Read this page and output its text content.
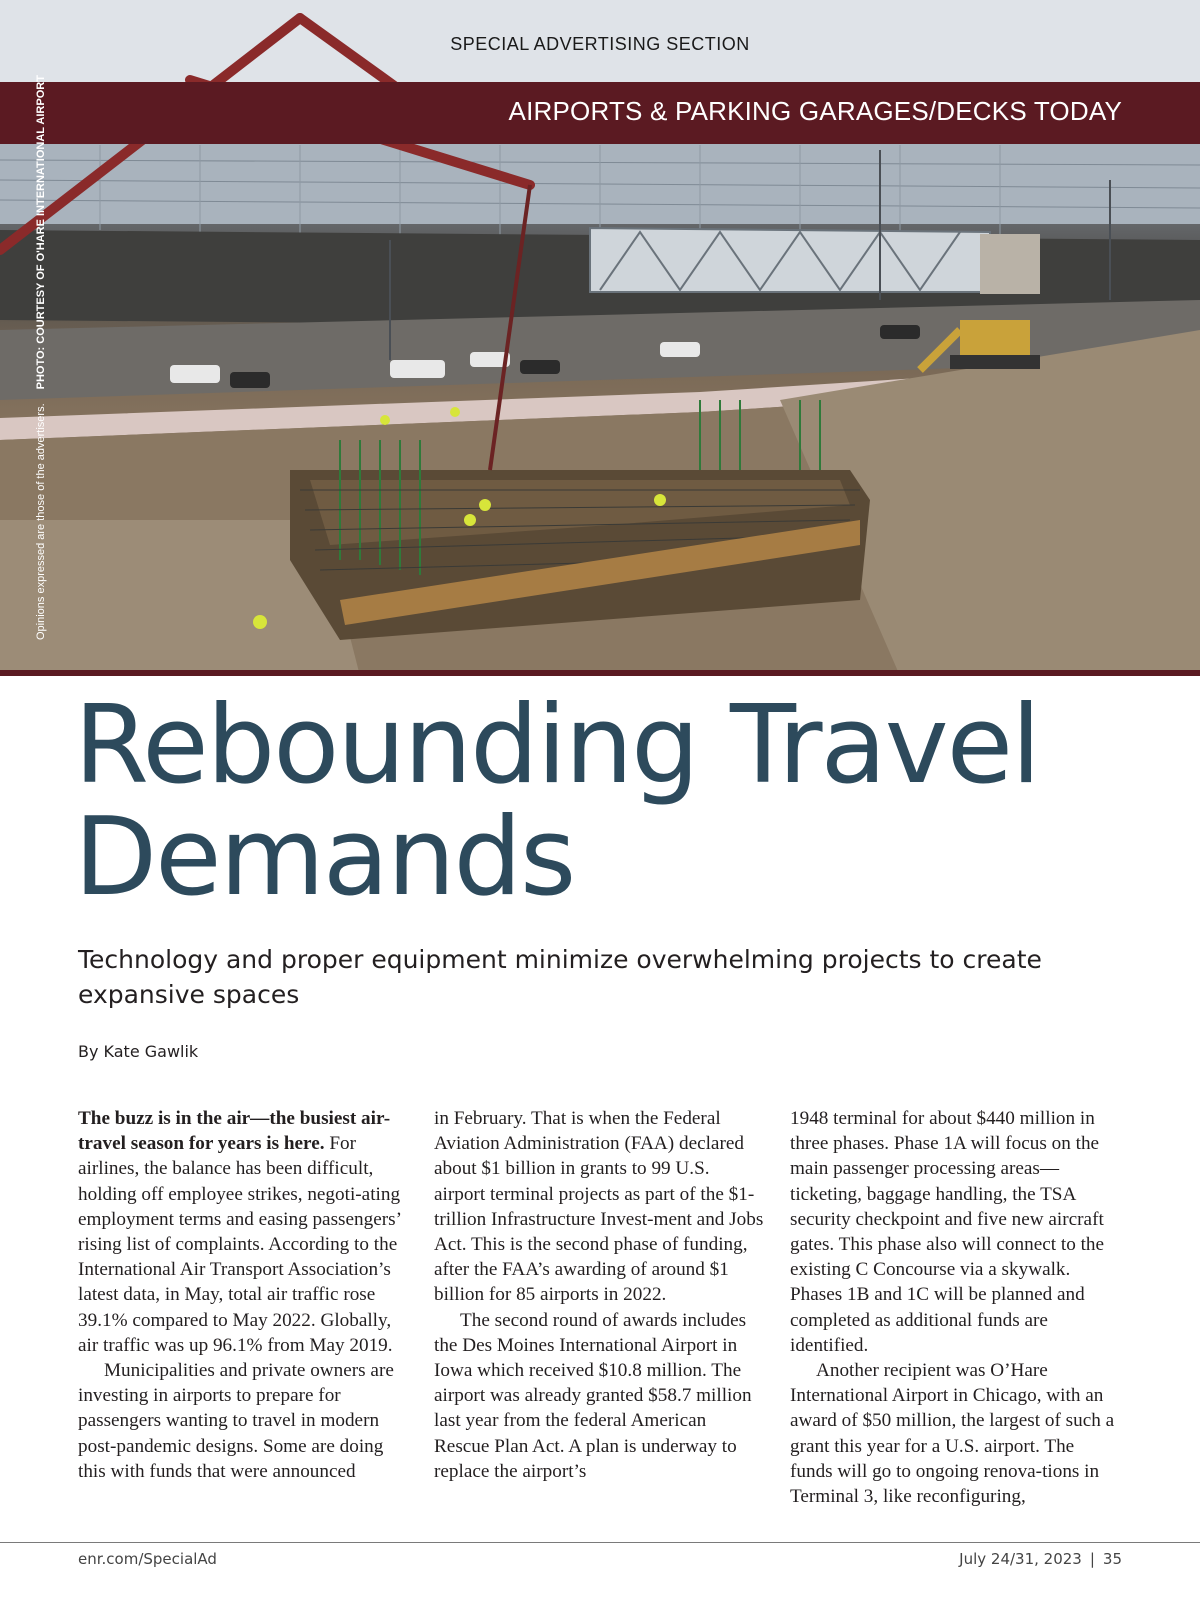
SPECIAL ADVERTISING SECTION
AIRPORTS & PARKING GARAGES/DECKS TODAY
Opinions expressed are those of the advertisers.
PHOTO: COURTESY OF O'HARE INTERNATIONAL AIRPORT
Rebounding Travel
Demands

Technology and proper equipment minimize overwhelming projects to create expansive spaces

By Kate Gawlik

The buzz is in the air—the busiest air-travel season for years is here. For airlines, the balance has been difficult, holding off employee strikes, negoti-ating employment terms and easing passengers’ rising list of complaints. According to the International Air Transport Association’s latest data, in May, total air traffic rose 39.1% compared to May 2022. Globally, air traffic was up 96.1% from May 2019.

Municipalities and private owners are investing in airports to prepare for passengers wanting to travel in modern post-pandemic designs. Some are doing this with funds that were announced

in February. That is when the Federal Aviation Administration (FAA) declared about $1 billion in grants to 99 U.S. airport terminal projects as part of the $1-trillion Infrastructure Invest-ment and Jobs Act. This is the second phase of funding, after the FAA’s awarding of around $1 billion for 85 airports in 2022.

The second round of awards includes the Des Moines International Airport in Iowa which received $10.8 million. The airport was already granted $58.7 million last year from the federal American Rescue Plan Act. A plan is underway to replace the airport’s

1948 terminal for about $440 million in three phases. Phase 1A will focus on the main passenger processing areas—ticketing, baggage handling, the TSA security checkpoint and five new aircraft gates. This phase also will connect to the existing C Concourse via a skywalk. Phases 1B and 1C will be planned and completed as additional funds are identified.

Another recipient was O’Hare International Airport in Chicago, with an award of $50 million, the largest of such a grant this year for a U.S. airport. The funds will go to ongoing renova-tions in Terminal 3, like reconfiguring,

enr.com/SpecialAd	July 24/31, 2023 | 35
